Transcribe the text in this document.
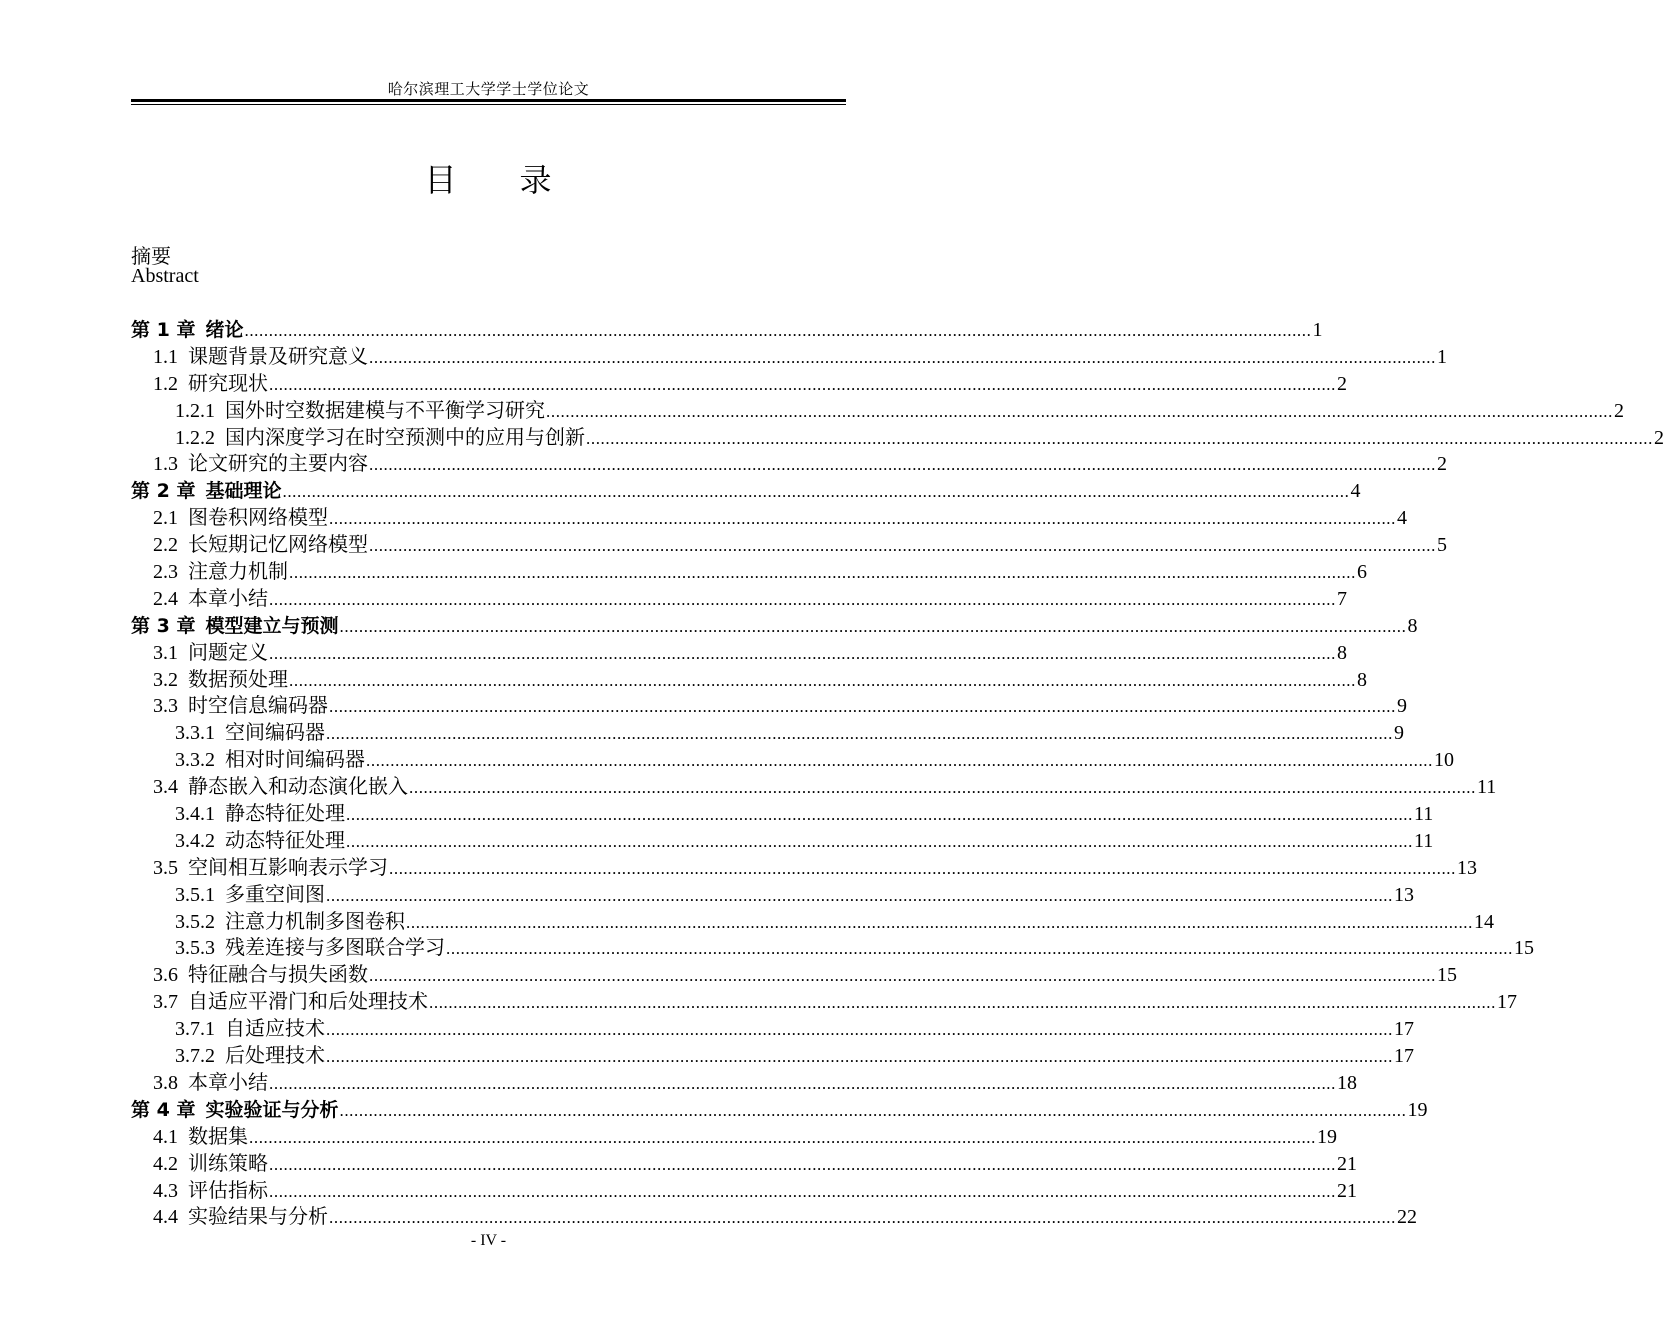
哈尔滨理工大学学士学位论文
目 录
摘要
Abstract
第 1 章 绪论 ............................................................................................................................................................................................................................ 1
1.1 课题背景及研究意义 ............................................................................................................................................................................................................................ 1
1.2 研究现状 ............................................................................................................................................................................................................................ 2
1.2.1 国外时空数据建模与不平衡学习研究 ............................................................................................................................................................................................................................ 2
1.2.2 国内深度学习在时空预测中的应用与创新 ............................................................................................................................................................................................................................ 2
1.3 论文研究的主要内容 ............................................................................................................................................................................................................................ 2
第 2 章 基础理论 ............................................................................................................................................................................................................................ 4
2.1 图卷积网络模型 ............................................................................................................................................................................................................................ 4
2.2 长短期记忆网络模型 ............................................................................................................................................................................................................................ 5
2.3 注意力机制 ............................................................................................................................................................................................................................ 6
2.4 本章小结 ............................................................................................................................................................................................................................ 7
第 3 章 模型建立与预测 ............................................................................................................................................................................................................................ 8
3.1 问题定义 ............................................................................................................................................................................................................................ 8
3.2 数据预处理 ............................................................................................................................................................................................................................ 8
3.3 时空信息编码器 ............................................................................................................................................................................................................................ 9
3.3.1 空间编码器 ............................................................................................................................................................................................................................ 9
3.3.2 相对时间编码器 ............................................................................................................................................................................................................................ 10
3.4 静态嵌入和动态演化嵌入 ............................................................................................................................................................................................................................ 11
3.4.1 静态特征处理 ............................................................................................................................................................................................................................ 11
3.4.2 动态特征处理 ............................................................................................................................................................................................................................ 11
3.5 空间相互影响表示学习 ............................................................................................................................................................................................................................ 13
3.5.1 多重空间图 ............................................................................................................................................................................................................................ 13
3.5.2 注意力机制多图卷积 ............................................................................................................................................................................................................................ 14
3.5.3 残差连接与多图联合学习 ............................................................................................................................................................................................................................ 15
3.6 特征融合与损失函数 ............................................................................................................................................................................................................................ 15
3.7 自适应平滑门和后处理技术 ............................................................................................................................................................................................................................ 17
3.7.1 自适应技术 ............................................................................................................................................................................................................................ 17
3.7.2 后处理技术 ............................................................................................................................................................................................................................ 17
3.8 本章小结 ............................................................................................................................................................................................................................ 18
第 4 章 实验验证与分析 ............................................................................................................................................................................................................................ 19
4.1 数据集 ............................................................................................................................................................................................................................ 19
4.2 训练策略 ............................................................................................................................................................................................................................ 21
4.3 评估指标 ............................................................................................................................................................................................................................ 21
4.4 实验结果与分析 ............................................................................................................................................................................................................................ 22
- IV -
